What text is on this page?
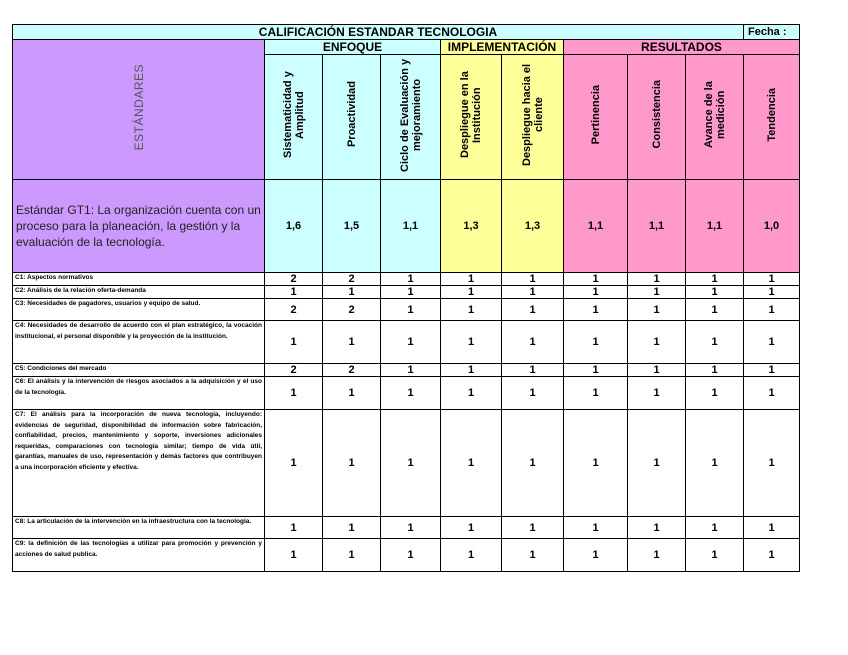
CALIFICACIÓN ESTANDAR TECNOLOGIA									Fecha :
ESTÁNDARES	ENFOQUE			IMPLEMENTACIÓN		RESULTADOS			
	Sistematicidad y Amplitud	Proactividad	Ciclo de Evaluación y mejoramiento	Despliegue en la Institución	Despliegue hacia el cliente	Pertinencia	Consistencia	Avance de la medición	Tendencia
Estándar GT1: La organización cuenta con un proceso para la planeación, la gestión y la evaluación de la tecnología.	1,6	1,5	1,1	1,3	1,3	1,1	1,1	1,1	1,0
C1: Aspectos normativos	2	2	1	1	1	1	1	1	1
C2: Análisis de la relación oferta-demanda	1	1	1	1	1	1	1	1	1
C3: Necesidades de pagadores, usuarios y equipo de salud.	2	2	1	1	1	1	1	1	1
C4: Necesidades de desarrollo de acuerdo con el plan estratégico, la vocación institucional, el personal disponible y la proyección de la institución.	1	1	1	1	1	1	1	1	1
C5: Condiciones del mercado	2	2	1	1	1	1	1	1	1
C6: El análisis y la intervención de riesgos asociados a la adquisición y el uso de la tecnología.	1	1	1	1	1	1	1	1	1
C7: El análisis para la incorporación de nueva tecnología, incluyendo: evidencias de seguridad, disponibilidad de información sobre fabricación, confiabilidad, precios, mantenimiento y soporte, inversiones adicionales requeridas, comparaciones con tecnología similar; tiempo de vida útil, garantías, manuales de uso, representación y demás factores que contribuyen a una incorporación eficiente y efectiva.	1	1	1	1	1	1	1	1	1
C8: La articulación de la intervención en la infraestructura con la tecnología.	1	1	1	1	1	1	1	1	1
C9: la definición de las tecnologías a utilizar para promoción y prevención y acciones de salud publica.	1	1	1	1	1	1	1	1	1
